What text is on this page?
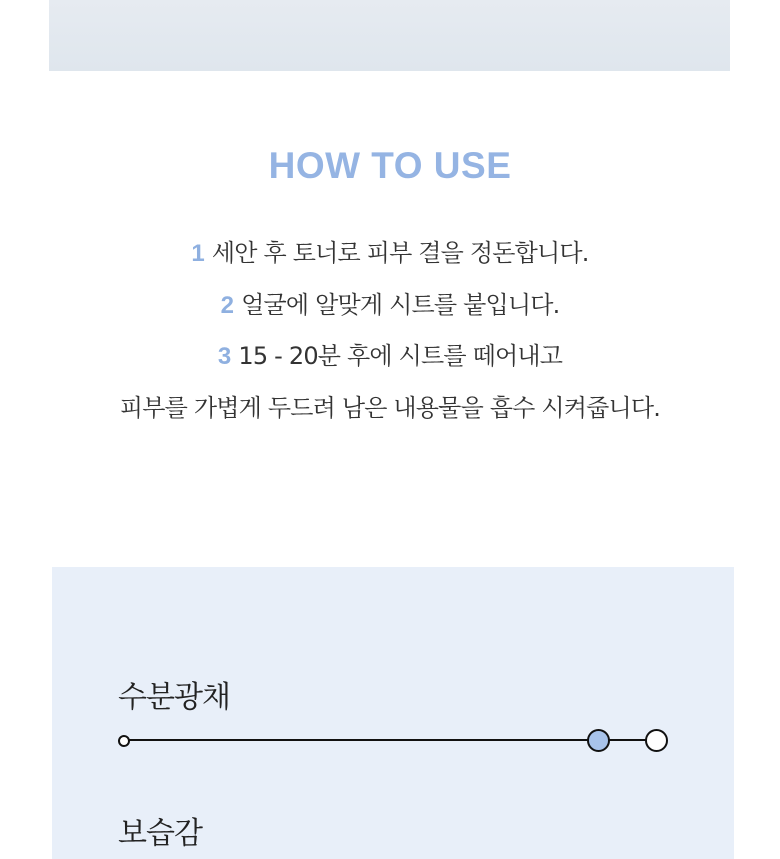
HOW TO USE
1 세안 후 토너로 피부 결을 정돈합니다.
2 얼굴에 알맞게 시트를 붙입니다.
3 15 - 20분 후에 시트를 떼어내고
피부를 가볍게 두드려 남은 내용물을 흡수 시켜줍니다.
수분광채
보습감
